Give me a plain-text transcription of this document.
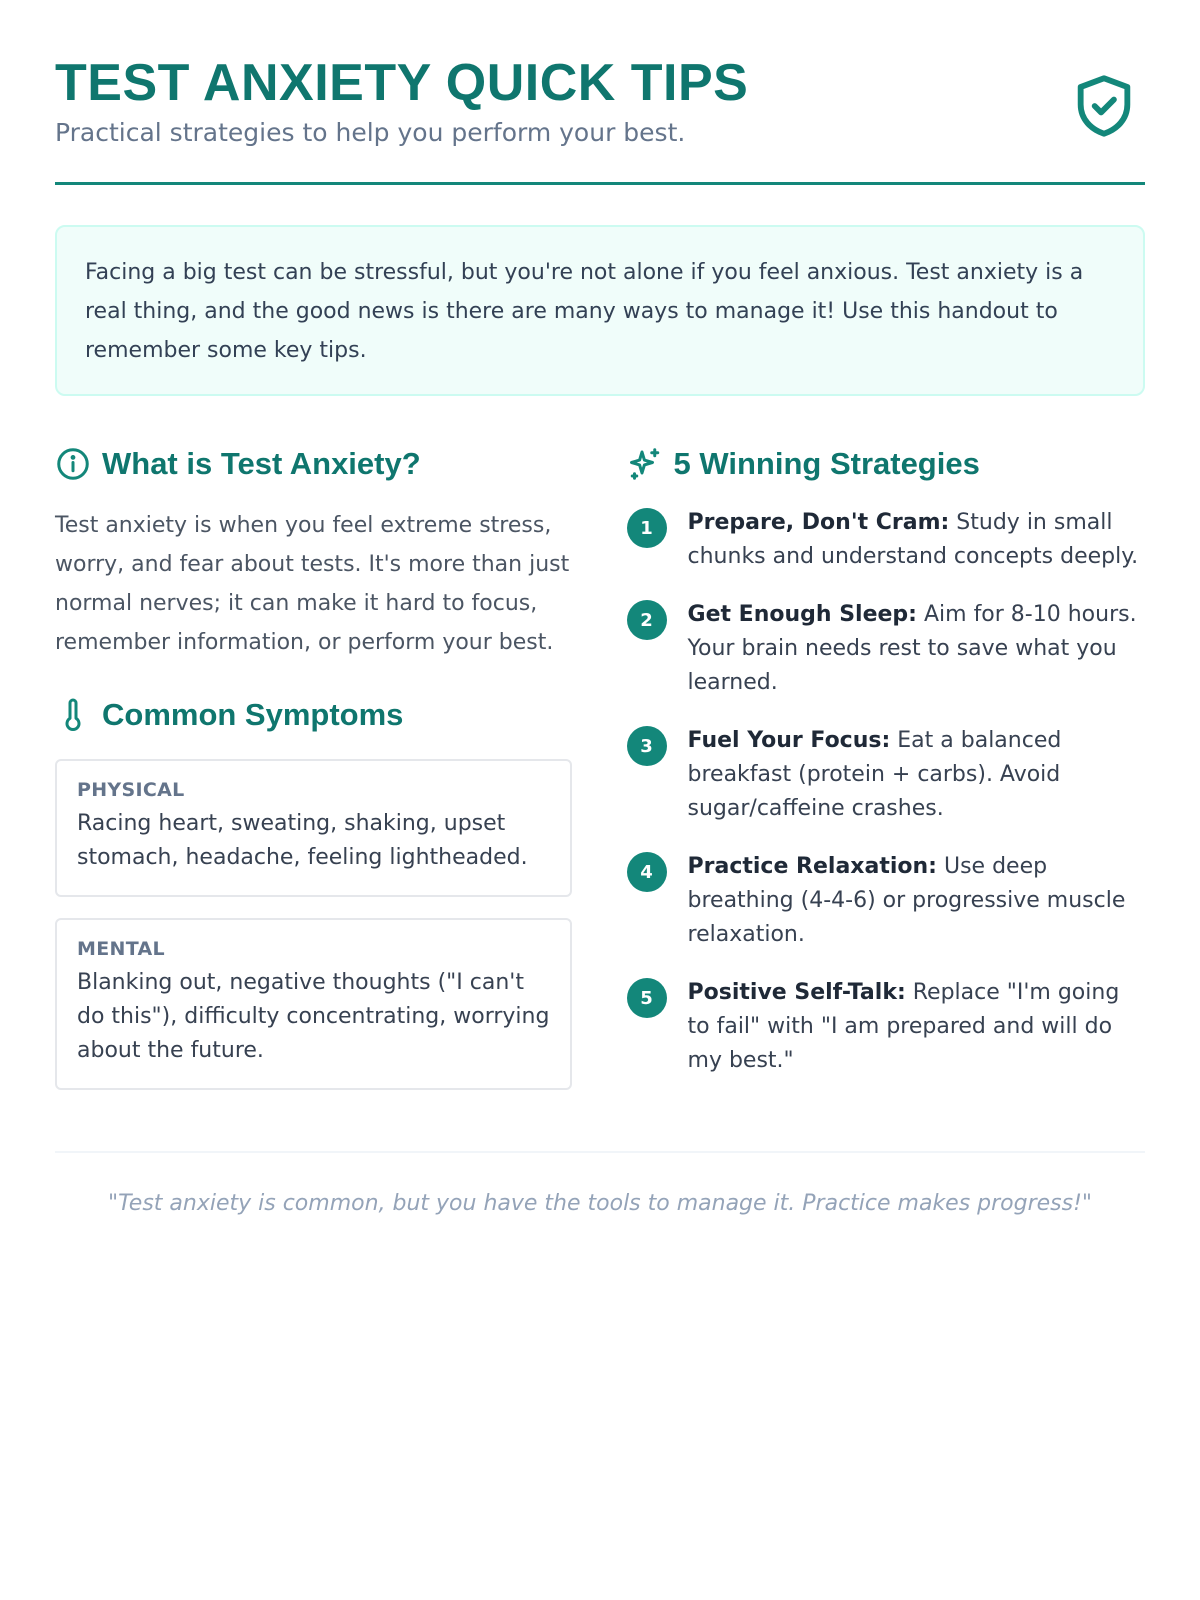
TEST ANXIETY QUICK TIPS
Practical strategies to help you perform your best.
Facing a big test can be stressful, but you're not alone if you feel anxious. Test anxiety is a real thing, and the good news is there are many ways to manage it! Use this handout to remember some key tips.
What is Test Anxiety?

Test anxiety is when you feel extreme stress, worry, and fear about tests. It's more than just normal nerves; it can make it hard to focus, remember information, or perform your best.

Common Symptoms
PHYSICAL
Racing heart, sweating, shaking, upset stomach, headache, feeling lightheaded.
MENTAL
Blanking out, negative thoughts ("I can't do this"), difficulty concentrating, worrying about the future.
5 Winning Strategies
1	Prepare, Don't Cram: Study in small chunks and understand concepts deeply.
2	Get Enough Sleep: Aim for 8-10 hours. Your brain needs rest to save what you learned.
3	Fuel Your Focus: Eat a balanced breakfast (protein + carbs). Avoid sugar/caffeine crashes.
4	Practice Relaxation: Use deep breathing (4-4-6) or progressive muscle relaxation.
5	Positive Self-Talk: Replace "I'm going to fail" with "I am prepared and will do my best."
"Test anxiety is common, but you have the tools to manage it. Practice makes progress!"
